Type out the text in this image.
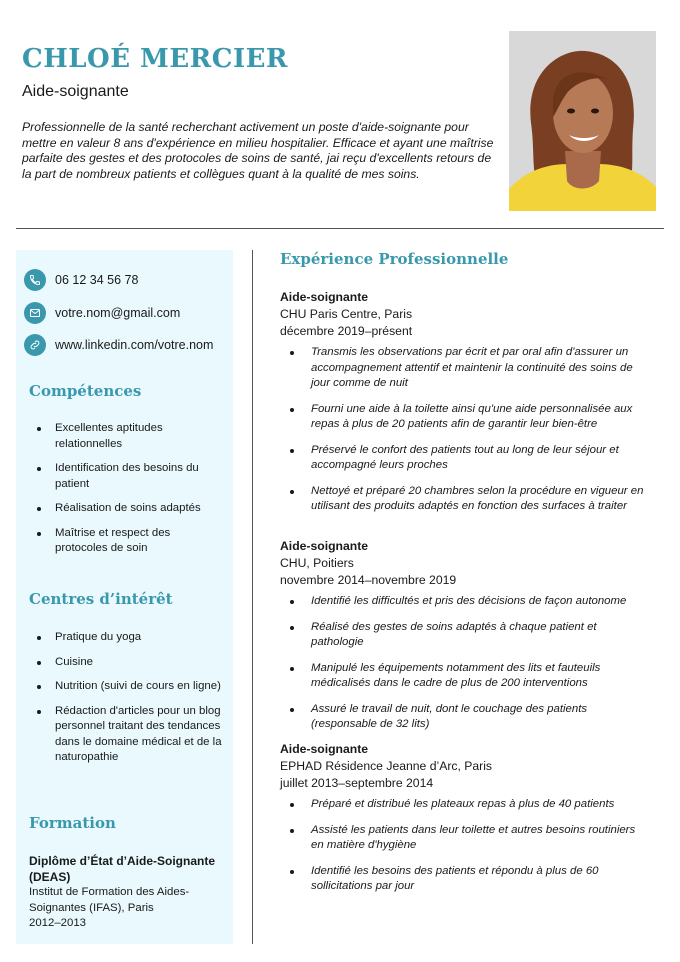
CHLOÉ MERCIER
Aide-soignante
Professionnelle de la santé recherchant activement un poste d'aide-soignante pour mettre en valeur 8 ans d'expérience en milieu hospitalier. Efficace et ayant une maîtrise parfaite des gestes et des protocoles de soins de santé, jai reçu d'excellents retours de la part de nombreux patients et collègues quant à la qualité de mes soins.
06 12 34 56 78
votre.nom@gmail.com
www.linkedin.com/votre.nom
Compétences
Excellentes aptitudes relationnelles
Identification des besoins du patient
Réalisation de soins adaptés
Maîtrise et respect des protocoles de soin
Centres d’intérêt
Pratique du yoga
Cuisine
Nutrition (suivi de cours en ligne)
Rédaction d'articles pour un blog personnel traitant des tendances dans le domaine médical et de la naturopathie
Formation
Diplôme d’État d’Aide-Soignante (DEAS)
Institut de Formation des Aides-Soignantes (IFAS), Paris
2012–2013
Expérience Professionnelle
Aide-soignante
CHU Paris Centre, Paris
décembre 2019–présent
Transmis les observations par écrit et par oral afin d'assurer un accompagnement attentif et maintenir la continuité des soins de jour comme de nuit
Fourni une aide à la toilette ainsi qu'une aide personnalisée aux repas à plus de 20 patients afin de garantir leur bien-être
Préservé le confort des patients tout au long de leur séjour et accompagné leurs proches
Nettoyé et préparé 20 chambres selon la procédure en vigueur en utilisant des produits adaptés en fonction des surfaces à traiter
Aide-soignante
CHU, Poitiers
novembre 2014–novembre 2019
Identifié les difficultés et pris des décisions de façon autonome
Réalisé des gestes de soins adaptés à chaque patient et pathologie
Manipulé les équipements notamment des lits et fauteuils médicalisés dans le cadre de plus de 200 interventions
Assuré le travail de nuit, dont le couchage des patients (responsable de 32 lits)
Aide-soignante
EPHAD Résidence Jeanne d’Arc, Paris
juillet 2013–septembre 2014
Préparé et distribué les plateaux repas à plus de 40 patients
Assisté les patients dans leur toilette et autres besoins routiniers en matière d'hygiène
Identifié les besoins des patients et répondu à plus de 60 sollicitations par jour
